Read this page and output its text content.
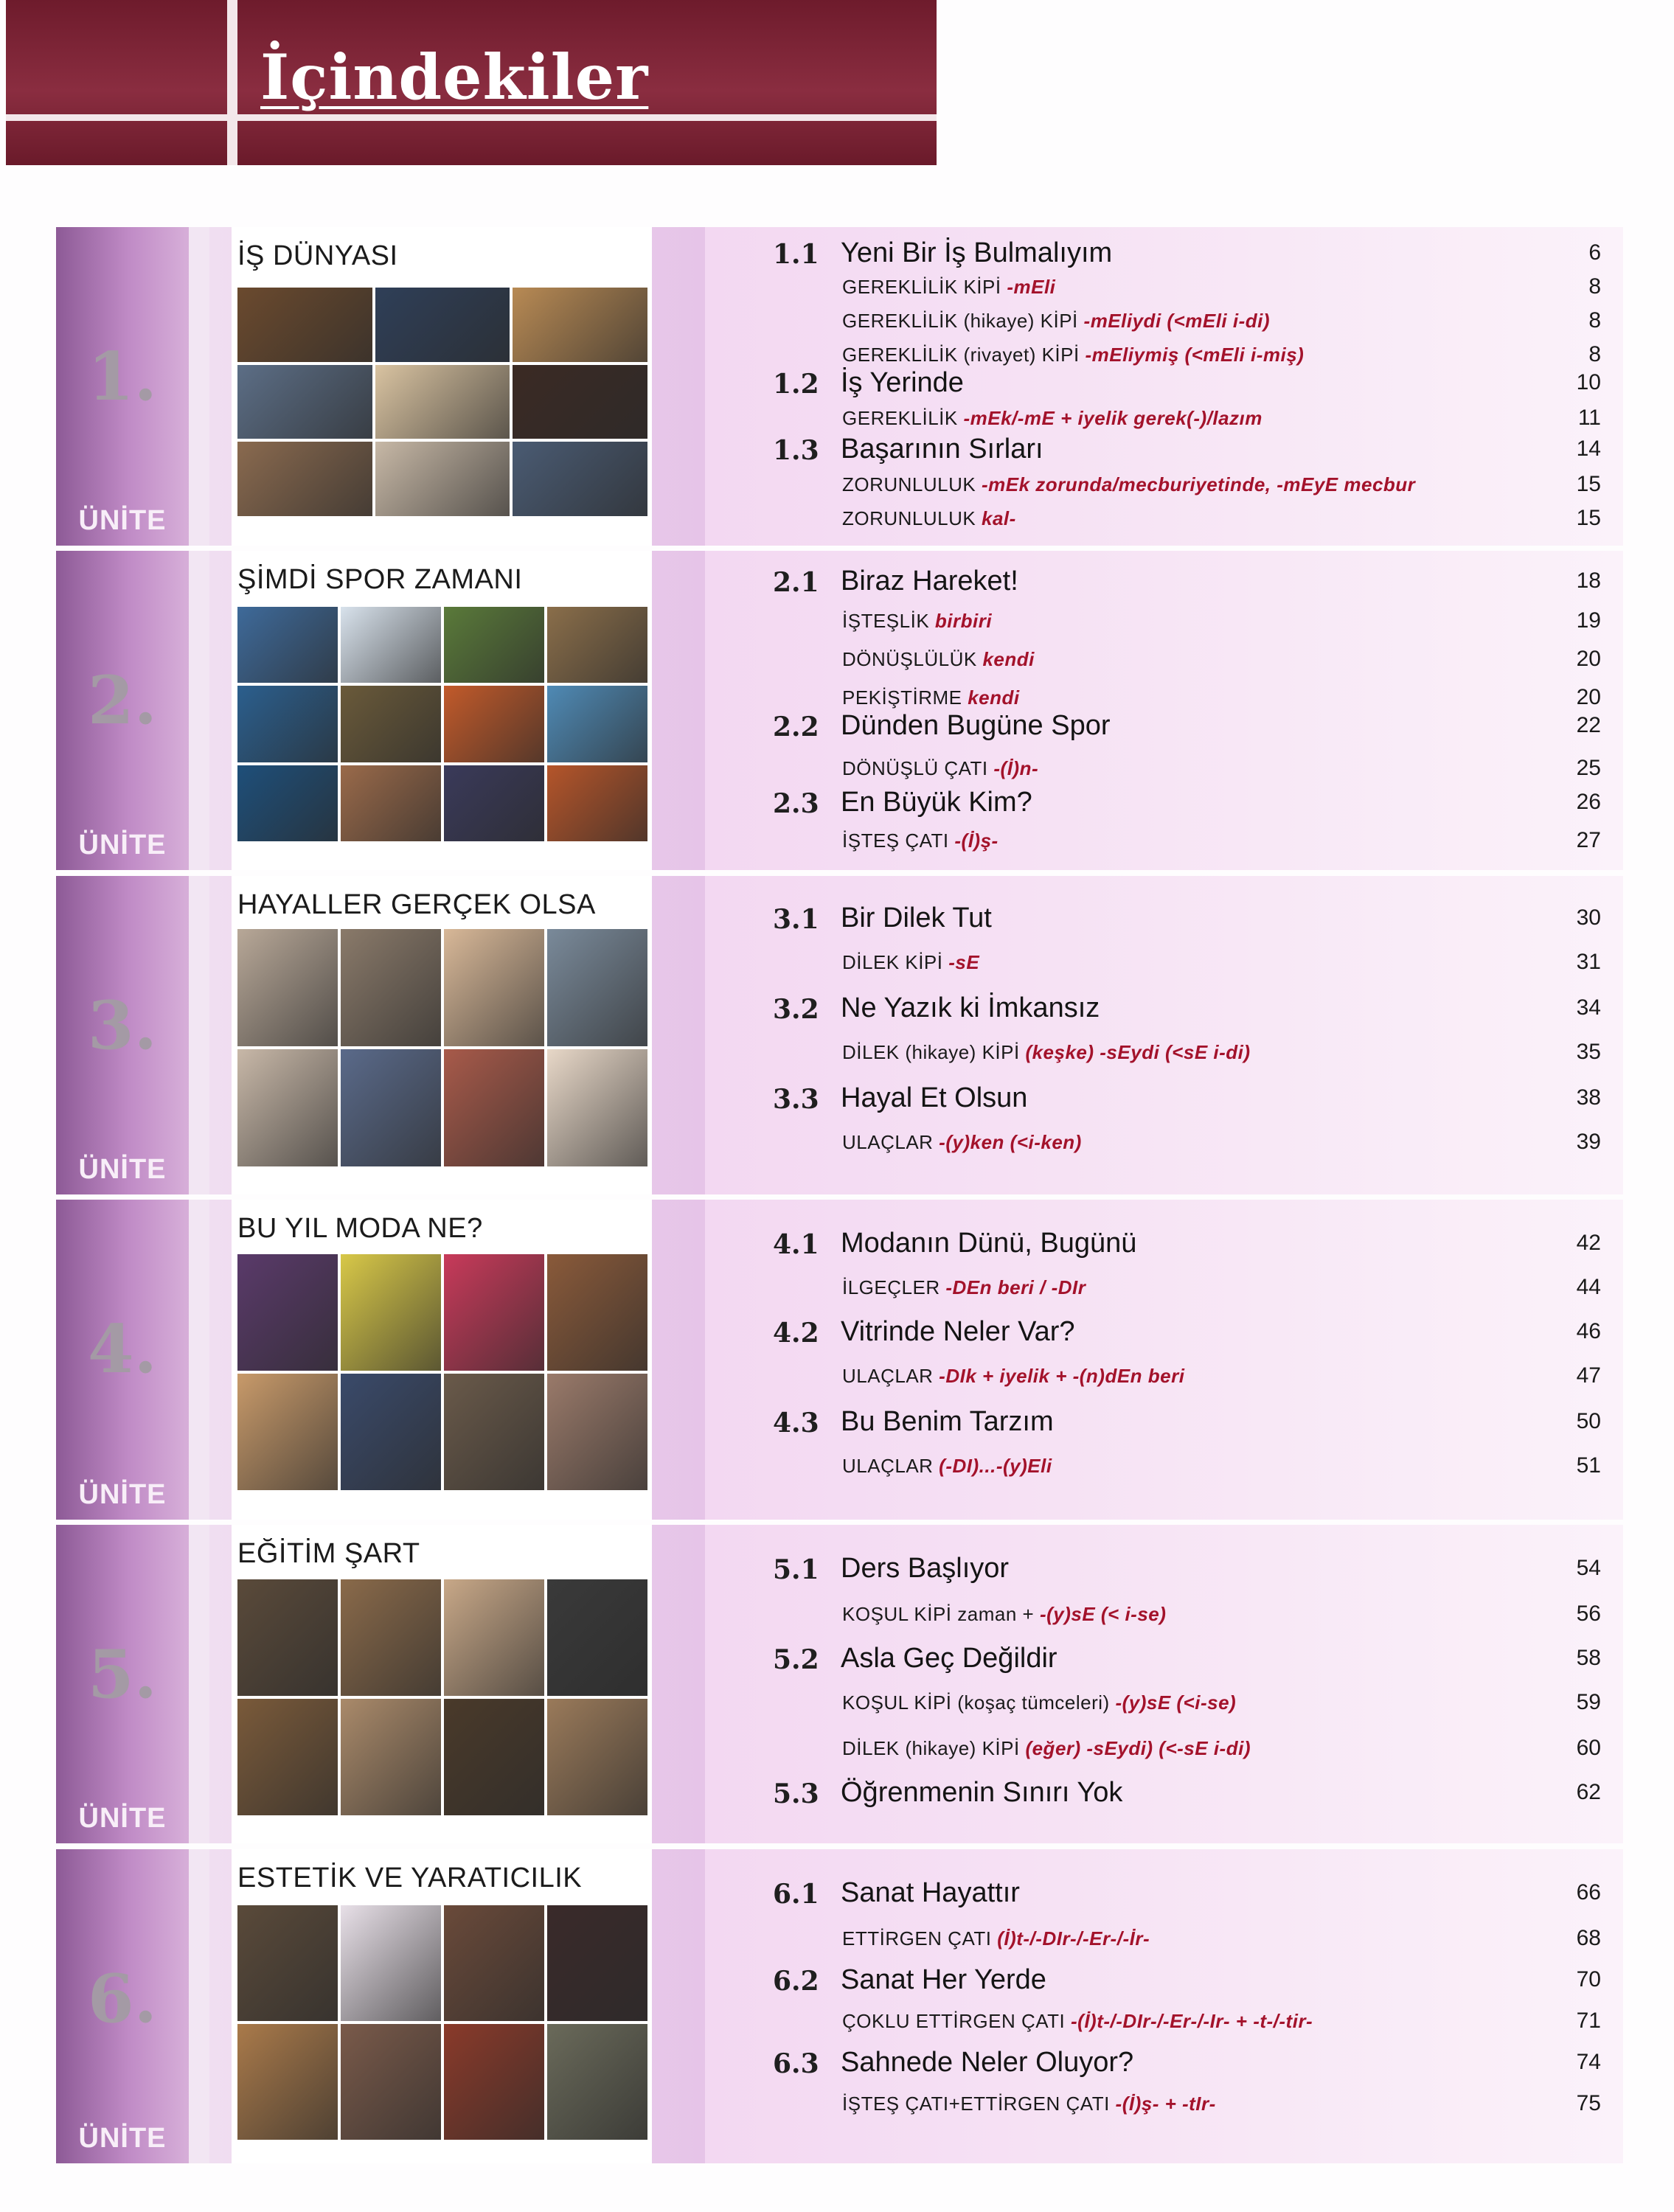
İçindekiler
1.
ÜNİTE
İŞ DÜNYASI	1.1 Yeni Bir İş Bulmalıyım	6
GEREKLİLİK KİPİ -mEli	8
GEREKLİLİK (hikaye) KİPİ -mEliydi (<mEli i-di)	8
GEREKLİLİK (rivayet) KİPİ -mEliymiş (<mEli i-miş)	8
1.2 İş Yerinde	10
GEREKLİLİK -mEk/-mE + iyelik gerek(-)/lazım	11
1.3 Başarının Sırları	14
ZORUNLULUK -mEk zorunda/mecburiyetinde, -mEyE mecbur	15
ZORUNLULUK kal-	15
2.
ÜNİTE
ŞİMDİ SPOR ZAMANI	2.1 Biraz Hareket!	18
İŞTEŞLİK birbiri	19
DÖNÜŞLÜLÜK kendi	20
PEKİŞTİRME kendi	20
2.2 Dünden Bugüne Spor	22
DÖNÜŞLÜ ÇATI -(İ)n-	25
2.3 En Büyük Kim?	26
İŞTEŞ ÇATI -(İ)ş-	27
3.
ÜNİTE
HAYALLER GERÇEK OLSA	3.1 Bir Dilek Tut	30
DİLEK KİPİ -sE	31
3.2 Ne Yazık ki İmkansız	34
DİLEK (hikaye) KİPİ (keşke) -sEydi (<sE i-di)	35
3.3 Hayal Et Olsun	38
ULAÇLAR -(y)ken (<i-ken)	39
4.
ÜNİTE
BU YIL MODA NE?
4.1 Modanın Dünü, Bugünü	42
İLGEÇLER -DEn beri / -DIr	44
4.2 Vitrinde Neler Var?	46
ULAÇLAR -DIk + iyelik + -(n)dEn beri	47
4.3 Bu Benim Tarzım	50
ULAÇLAR (-DI)...-(y)Eli	51
5.
ÜNİTE
EĞİTİM ŞART
5.1 Ders Başlıyor	54
KOŞUL KİPİ zaman + -(y)sE (< i-se)	56
5.2 Asla Geç Değildir	58
KOŞUL KİPİ (koşaç tümceleri) -(y)sE (<i-se)	59
DİLEK (hikaye) KİPİ (eğer) -sEydi) (<-sE i-di)	60
5.3 Öğrenmenin Sınırı Yok	62
6.
ÜNİTE
ESTETİK VE YARATICILIK
6.1 Sanat Hayattır	66
ETTİRGEN ÇATI (İ)t-/-DIr-/-Er-/-İr-	68
6.2 Sanat Her Yerde	70
ÇOKLU ETTİRGEN ÇATI -(İ)t-/-DIr-/-Er-/-Ir- + -t-/-tir-	71
6.3 Sahnede Neler Oluyor?	74
İŞTEŞ ÇATI+ETTİRGEN ÇATI -(İ)ş- + -tIr-	75
